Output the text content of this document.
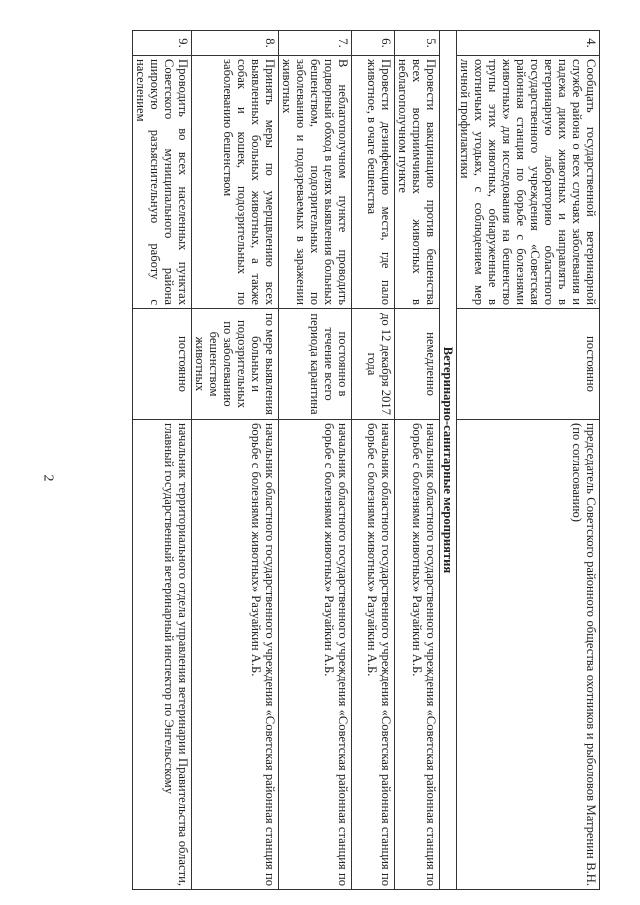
2
4.	Сообщать государственной ветеринарной службе района о всех случаях заболевания и падежа диких животных и направлять в ветеринарную лабораторию областного государственного учреждения «Советская районная станция по борьбе с болезнями животных» для исследования на бешенство трупы этих животных, обнаруженные в охотничьих угодьях, с соблюдением мер личной профилактики	постоянно	председатель Советского районного общества охотников и рыболовов Матренин В.Н. (по согласованию)
Ветеринарно-санитарные мероприятия			
5.	Провести вакцинацию против бешенства всех восприимчивых животных в неблагополучном пункте	немедленно	начальник областного государственного учреждения «Советская районная станция по борьбе с болезнями животных» Разуайкин А.Б.
6.	Провести дезинфекцию места, где пало животное, в очаге бешенства	до 12 декабря 2017 года	начальник областного государственного учреждения «Советская районная станция по борьбе с болезнями животных» Разуайкин А.Б.
7.	В неблагополучном пункте проводить подворный обход в целях выявления больных бешенством, подозрительных по заболеванию и подозреваемых в заражении животных	постоянно в течение всего периода карантина	начальник областного государственного учреждения «Советская районная станция по борьбе с болезнями животных» Разуайкин А.Б.
8.	Принять меры по умерщвлению всех выявленных больных животных, а также собак и кошек, подозрительных по заболеванию бешенством	по мере выявления больных и подозрительных по заболеванию бешенством животных	начальник областного государственного учреждения «Советская районная станция по борьбе с болезнями животных» Разуайкин А.Б.
9.	Проводить во всех населенных пунктах Советского муниципального района широкую разъяснительную работу с населением	постоянно	начальник территориального отдела управления ветеринарии Правительства области, главный государственный ветеринарный инспектор по Энгельсскому
